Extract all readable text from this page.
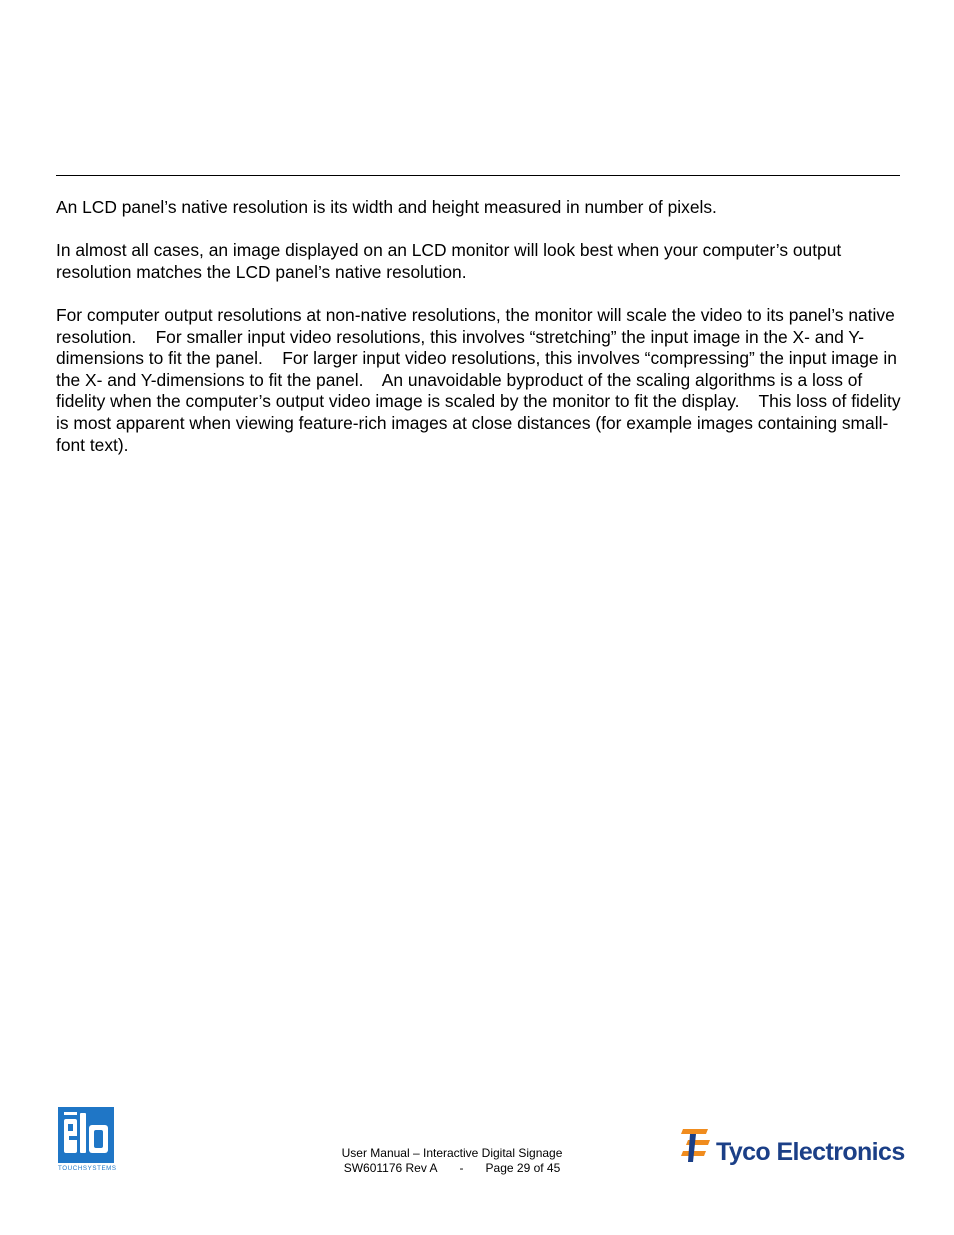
An LCD panel’s native resolution is its width and height measured in number of pixels.

In almost all cases, an image displayed on an LCD monitor will look best when your computer’s output resolution matches the LCD panel’s native resolution.

For computer output resolutions at non-native resolutions, the monitor will scale the video to its panel’s native resolution.    For smaller input video resolutions, this involves “stretching” the input image in the X- and Y-dimensions to fit the panel.    For larger input video resolutions, this involves “compressing” the input image in the X- and Y-dimensions to fit the panel.    An unavoidable byproduct of the scaling algorithms is a loss of fidelity when the computer’s output video image is scaled by the monitor to fit the display.    This loss of fidelity is most apparent when viewing feature-rich images at close distances (for example images containing small-font text).

TOUCHSYSTEMS
User Manual – Interactive Digital Signage
SW601176 Rev A - Page 29 of 45
Tyco Electronics
